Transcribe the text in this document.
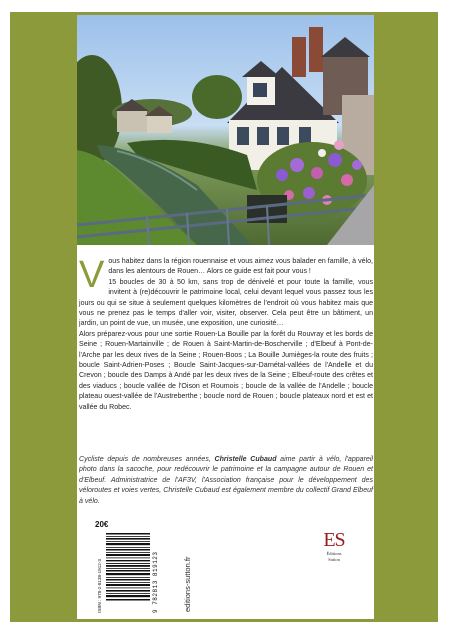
V ous habitez dans la région rouennaise et vous aimez vous balader en famille, à vélo, dans les alentours de Rouen… Alors ce guide est fait pour vous !

15 boucles de 30 à 50 km, sans trop de dénivelé et pour toute la famille, vous invitent à (re)découvrir le patrimoine local, celui devant lequel vous passez tous les jours ou qui se situe à seulement quelques kilomètres de l'endroit où vous habitez mais que vous ne prenez pas le temps d'aller voir, visiter, observer. Cela peut être un bâtiment, un jardin, un point de vue, un musée, une exposition, une curiosité…

Alors préparez-vous pour une sortie Rouen-La Bouille par la forêt du Rouvray et les bords de Seine ; Rouen-Martainville ; de Rouen à Saint-Martin-de-Boscherville ; d'Elbeuf à Pont-de-l'Arche par les deux rives de la Seine ; Rouen-Boos ; La Bouille Jumièges-la route des fruits ; boucle Saint-Adrien-Poses ; Boucle Saint-Jacques-sur-Darnétal-vallées de l'Andelle et du Crevon ; boucle des Damps à Andé par les deux rives de la Seine ; Elbeuf-route des crêtes et des viaducs ; boucle vallée de l'Oison et Roumois ; boucle de la vallée de l'Andelle ; boucle plateau ouest-vallée de l'Austreberthe ; boucle nord de Rouen ; boucle plateaux nord et est et vallée du Robec.

Cycliste depuis de nombreuses années, Christelle Cubaud aime partir à vélo, l'appareil photo dans la sacoche, pour redécouvrir le patrimoine et la campagne autour de Rouen et d'Elbeuf. Administratrice de l'AF3V, l'Association française pour le développement des véloroutes et voies vertes, Christelle Cubaud est également membre du collectif Grand Elbeuf à vélo.
20€
ISBN : 978-2-8138-1912-3	9 782813 819123	editions-sutton.fr
ES
Éditions
Sutton
